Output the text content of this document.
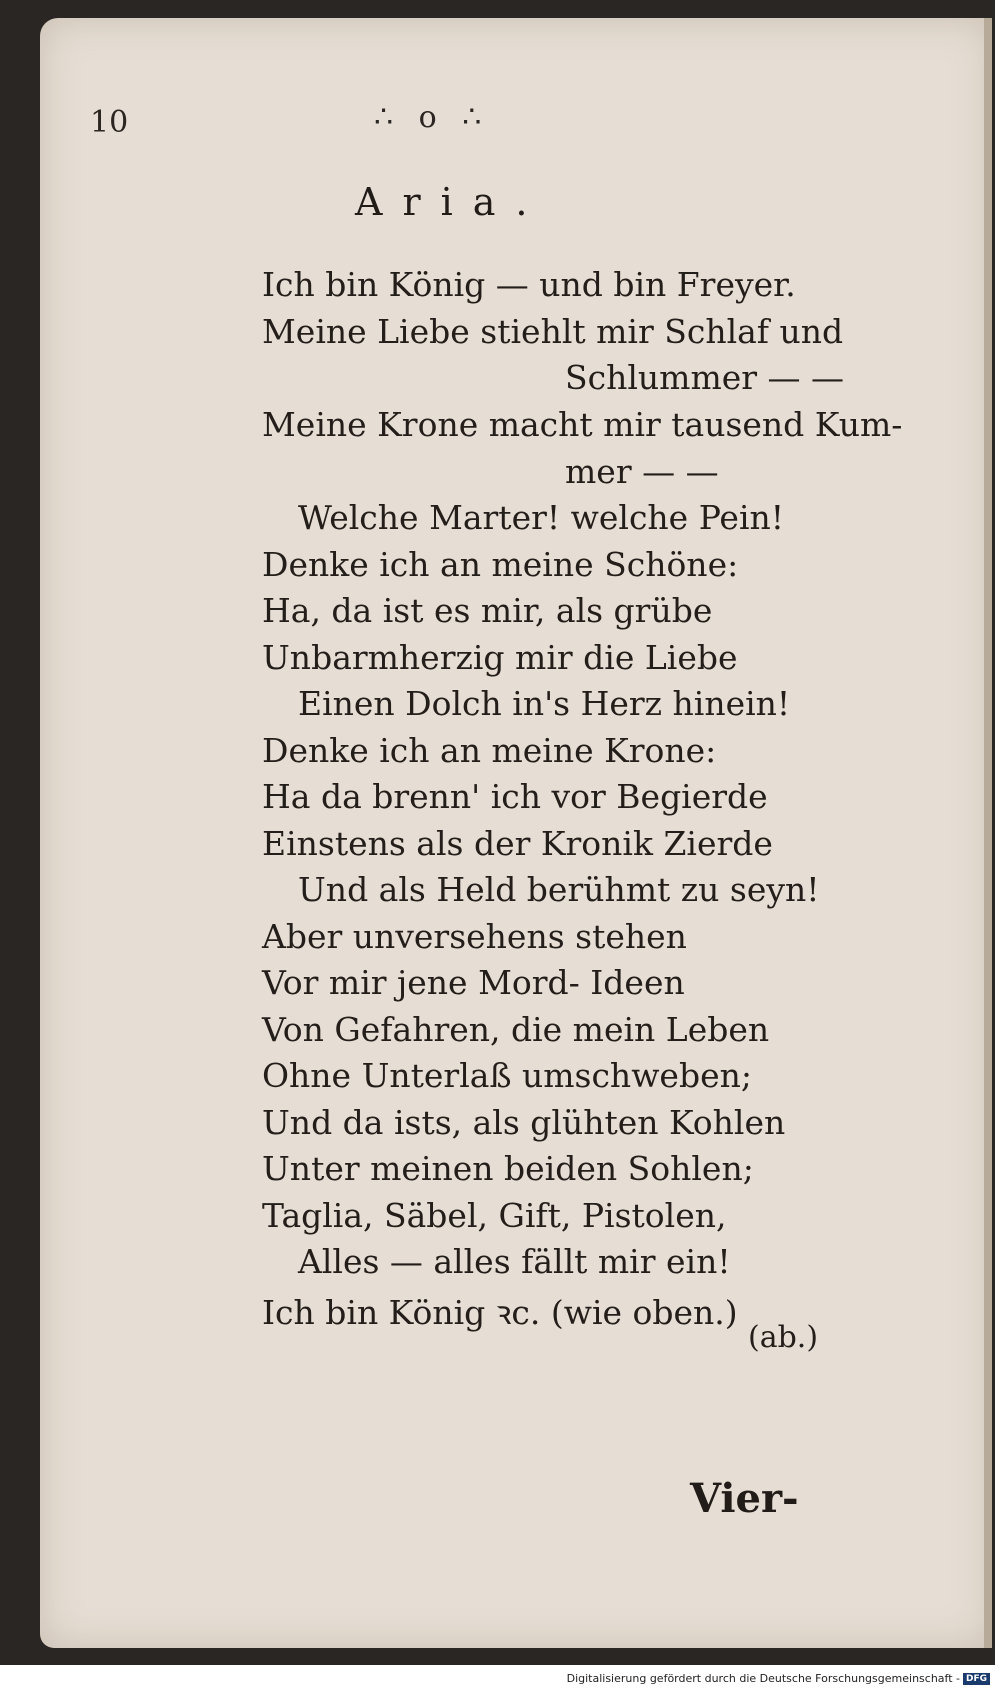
10	∴ o ∴
Aria.
Ich bin König — und bin Freyer.
Meine Liebe stiehlt mir Schlaf und
Schlummer — —
Meine Krone macht mir tausend Kum-
mer — —
Welche Marter! welche Pein!
Denke ich an meine Schöne:
Ha, da ist es mir, als grübe
Unbarmherzig mir die Liebe
Einen Dolch in's Herz hinein!
Denke ich an meine Krone:
Ha da brenn' ich vor Begierde
Einstens als der Kronik Zierde
Und als Held berühmt zu seyn!
Aber unversehens stehen
Vor mir jene Mord- Ideen
Von Gefahren, die mein Leben
Ohne Unterlaß umschweben;
Und da ists, als glühten Kohlen
Unter meinen beiden Sohlen;
Taglia, Säbel, Gift, Pistolen,
Alles — alles fällt mir ein!
Ich bin König ꝛc. (wie oben.)
(ab.)
Vier-
Digitalisierung gefördert durch die Deutsche Forschungsgemeinschaft - DFG
